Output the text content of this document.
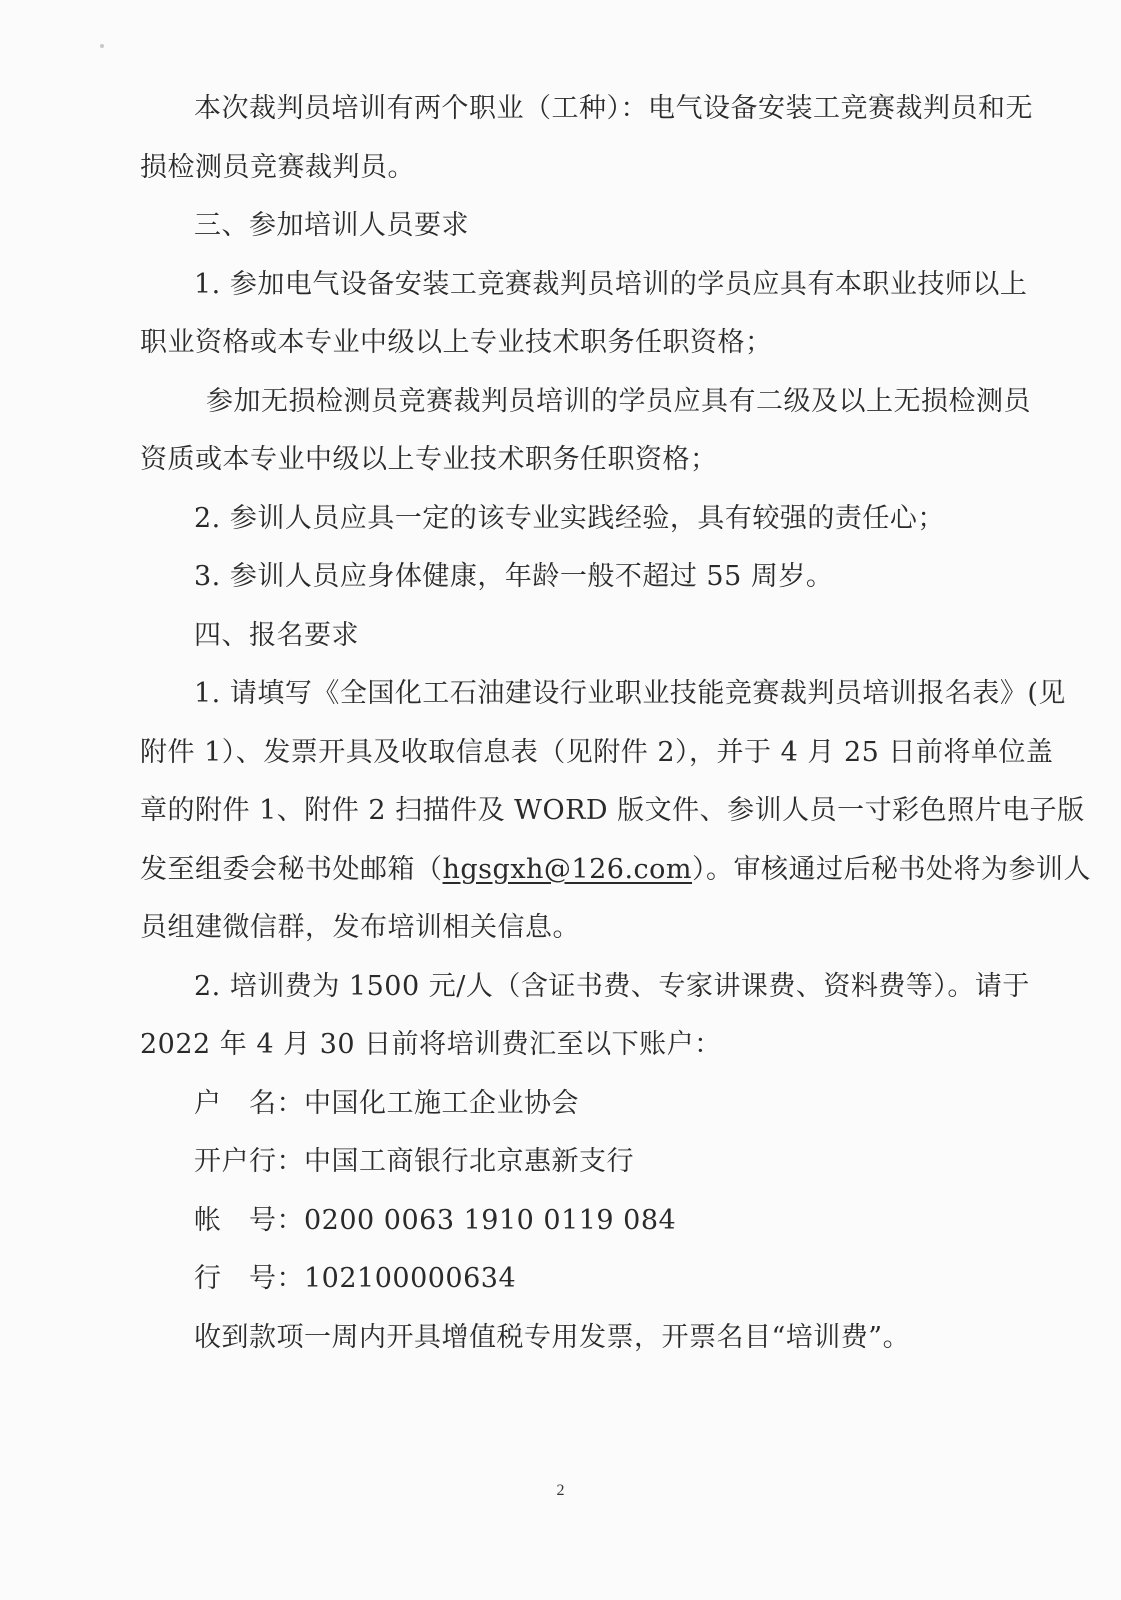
本次裁判员培训有两个职业（工种）：电气设备安装工竞赛裁判员和无
损检测员竞赛裁判员。
三、参加培训人员要求
1. 参加电气设备安装工竞赛裁判员培训的学员应具有本职业技师以上
职业资格或本专业中级以上专业技术职务任职资格；
参加无损检测员竞赛裁判员培训的学员应具有二级及以上无损检测员
资质或本专业中级以上专业技术职务任职资格；
2. 参训人员应具一定的该专业实践经验，具有较强的责任心；
3. 参训人员应身体健康，年龄一般不超过 55 周岁。
四、报名要求
1. 请填写《全国化工石油建设行业职业技能竞赛裁判员培训报名表》(见
附件 1）、发票开具及收取信息表（见附件 2），并于 4 月 25 日前将单位盖
章的附件 1、附件 2 扫描件及 WORD 版文件、参训人员一寸彩色照片电子版
发至组委会秘书处邮箱（hgsgxh@126.com）。审核通过后秘书处将为参训人
员组建微信群，发布培训相关信息。
2. 培训费为 1500 元/人（含证书费、专家讲课费、资料费等）。请于
2022 年 4 月 30 日前将培训费汇至以下账户：
户　名：中国化工施工企业协会
开户行：中国工商银行北京惠新支行
帐　号：0200 0063 1910 0119 084
行　号：102100000634
收到款项一周内开具增值税专用发票，开票名目“培训费”。
2
